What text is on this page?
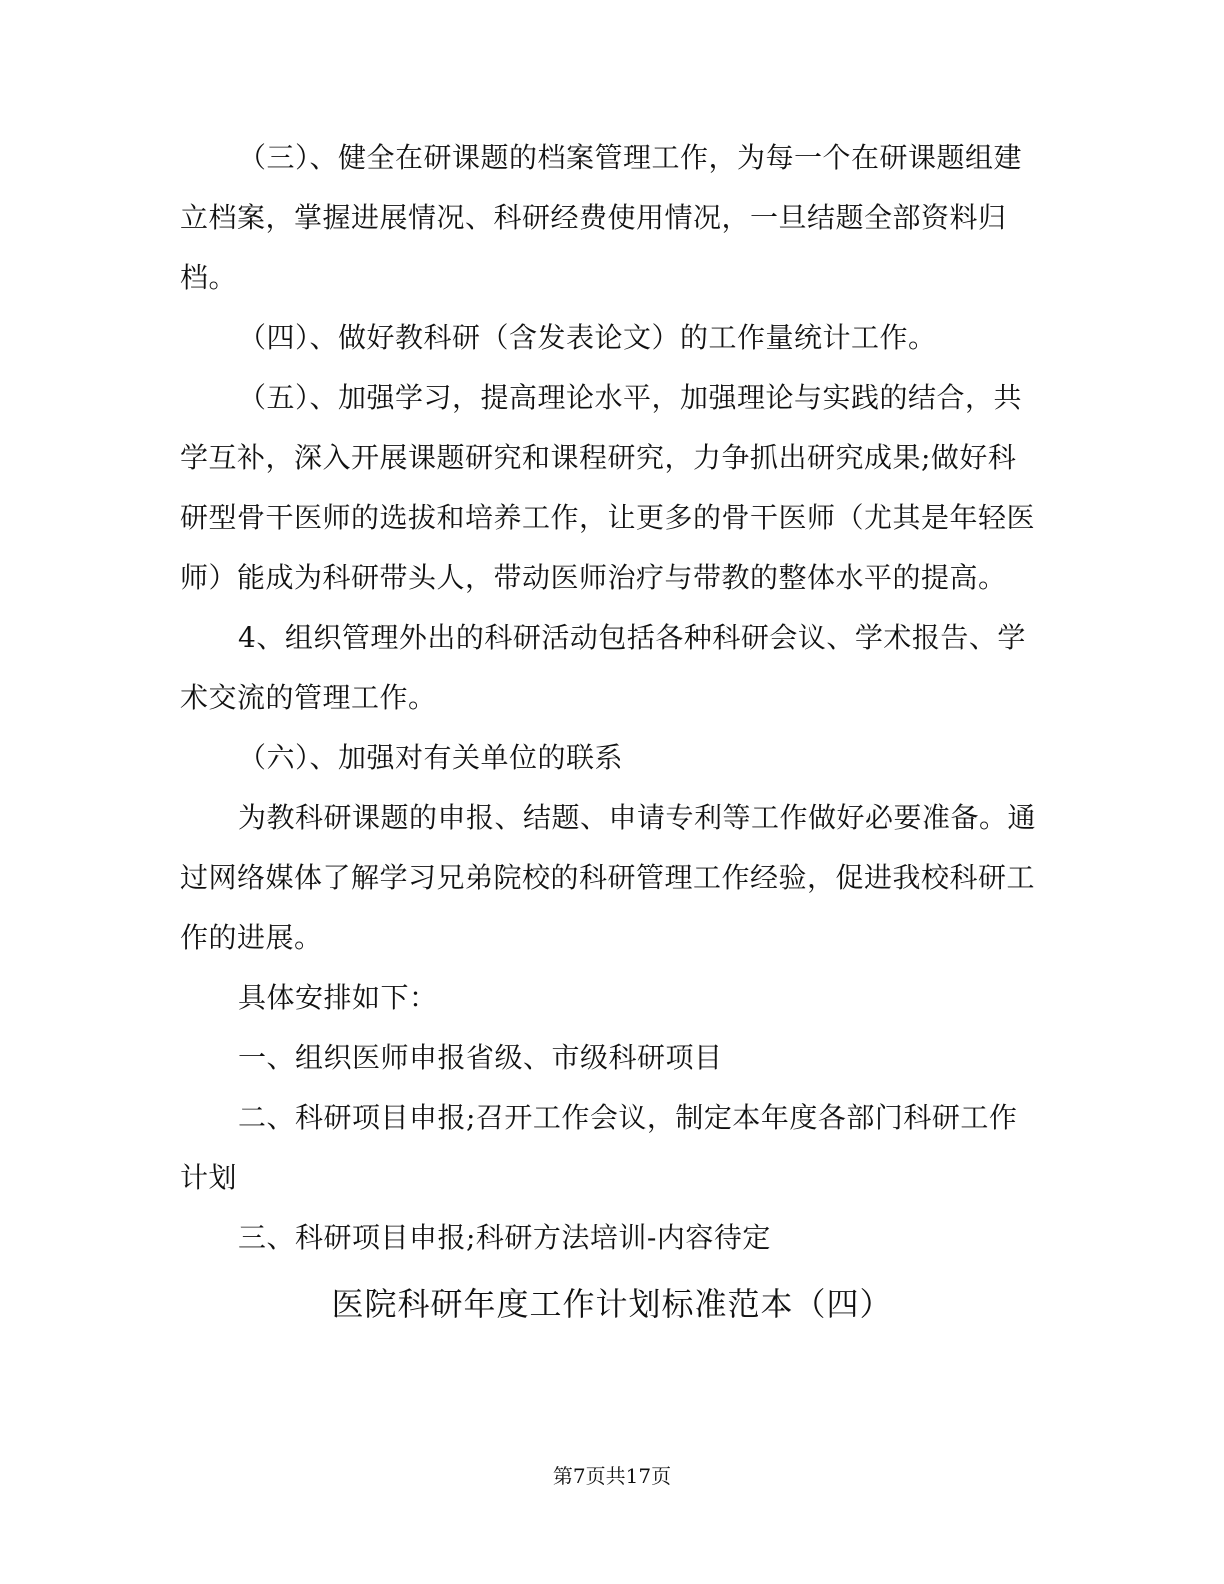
（三）、健全在研课题的档案管理工作，为每一个在研课题组建立档案，掌握进展情况、科研经费使用情况，一旦结题全部资料归档。

（四）、做好教科研（含发表论文）的工作量统计工作。

（五）、加强学习，提高理论水平，加强理论与实践的结合，共学互补，深入开展课题研究和课程研究，力争抓出研究成果;做好科研型骨干医师的选拔和培养工作，让更多的骨干医师（尤其是年轻医师）能成为科研带头人，带动医师治疗与带教的整体水平的提高。

4、组织管理外出的科研活动包括各种科研会议、学术报告、学术交流的管理工作。

（六）、加强对有关单位的联系

为教科研课题的申报、结题、申请专利等工作做好必要准备。通过网络媒体了解学习兄弟院校的科研管理工作经验，促进我校科研工作的进展。

具体安排如下：

一、组织医师申报省级、市级科研项目

二、科研项目申报;召开工作会议，制定本年度各部门科研工作计划

三、科研项目申报;科研方法培训-内容待定

医院科研年度工作计划标准范本（四）
第7页共17页
